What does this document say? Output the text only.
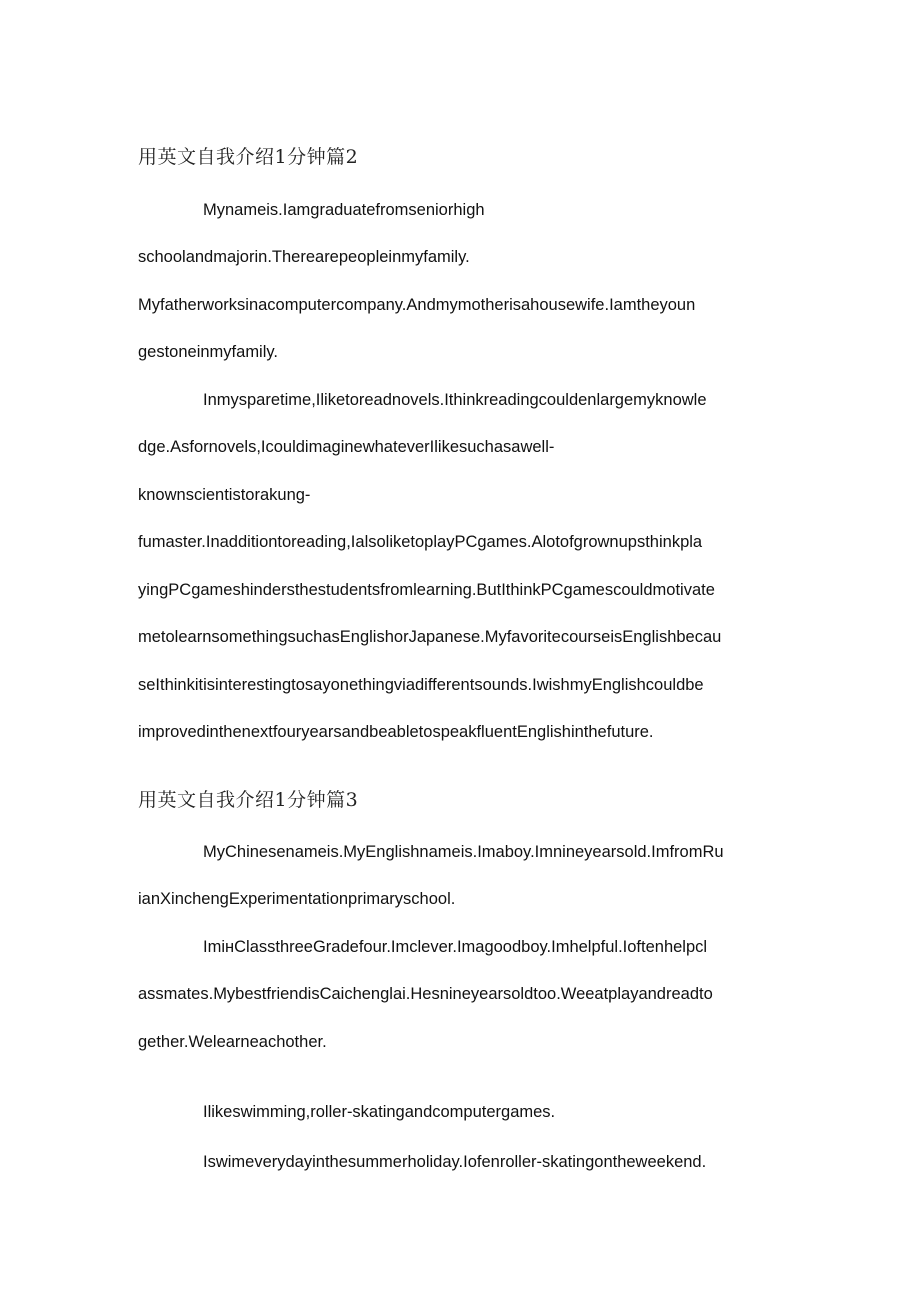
用英文自我介绍1分钟篇2
Mynameis.Iamgraduatefromseniorhigh
schoolandmajorin.Therearepeopleinmyfamily.
Myfatherworksinacomputercompany.Andmymotherisahousewife.Iamtheyoun
gestoneinmyfamily.
Inmysparetime,Iliketoreadnovels.Ithinkreadingcouldenlargemyknowle
dge.Asfornovels,IcouldimaginewhateverIlikesuchasawell-
knownscientistorakung-
fumaster.Inadditiontoreading,IalsoliketoplayPCgames.Alotofgrownupsthinkpla
yingPCgameshindersthestudentsfromlearning.ButIthinkPCgamescouldmotivate
metolearnsomethingsuchasEnglishorJapanese.MyfavoritecourseisEnglishbecau
seIthinkitisinterestingtosayonethingviadifferentsounds.IwishmyEnglishcouldbe
improvedinthenextfouryearsandbeabletospeakfluentEnglishinthefuture.
用英文自我介绍1分钟篇3
MyChinesenameis.MyEnglishnameis.Imaboy.Imnineyearsold.ImfromRu
ianXinchengExperimentationprimaryschool.
ImінClassthreeGradefour.Imclever.Imagoodboy.Imhelpful.Ioftenhelpcl
assmates.MybestfriendisCaichenglai.Hesnineyearsoldtoo.Weeatplayandreadto
gether.Welearneachother.
Ilikeswimming,roller-skatingandcomputergames.
Iswimeverydayinthesummerholiday.Iofenroller-skatingontheweekend.
